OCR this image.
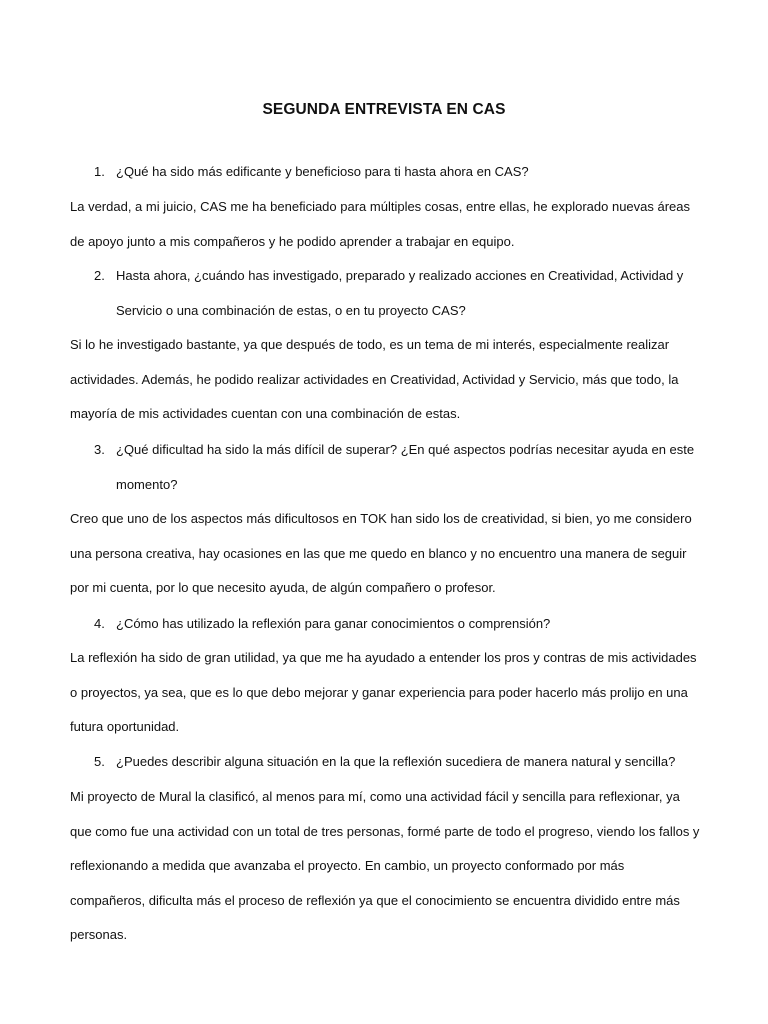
SEGUNDA ENTREVISTA EN CAS
1. ¿Qué ha sido más edificante y beneficioso para ti hasta ahora en CAS?
La verdad, a mi juicio, CAS me ha beneficiado para múltiples cosas, entre ellas, he explorado nuevas áreas de apoyo junto a mis compañeros y he podido aprender a trabajar en equipo.
2. Hasta ahora, ¿cuándo has investigado, preparado y realizado acciones en Creatividad, Actividad y Servicio o una combinación de estas, o en tu proyecto CAS?
Si lo he investigado bastante, ya que después de todo, es un tema de mi interés, especialmente realizar actividades. Además, he podido realizar actividades en Creatividad, Actividad y Servicio, más que todo, la mayoría de mis actividades cuentan con una combinación de estas.
3. ¿Qué dificultad ha sido la más difícil de superar? ¿En qué aspectos podrías necesitar ayuda en este momento?
Creo que uno de los aspectos más dificultosos en TOK han sido los de creatividad, si bien, yo me considero una persona creativa, hay ocasiones en las que me quedo en blanco y no encuentro una manera de seguir por mi cuenta, por lo que necesito ayuda, de algún compañero o profesor.
4. ¿Cómo has utilizado la reflexión para ganar conocimientos o comprensión?
La reflexión ha sido de gran utilidad, ya que me ha ayudado a entender los pros y contras de mis actividades o proyectos, ya sea, que es lo que debo mejorar y ganar experiencia para poder hacerlo más prolijo en una futura oportunidad.
5. ¿Puedes describir alguna situación en la que la reflexión sucediera de manera natural y sencilla?
Mi proyecto de Mural la clasificó, al menos para mí, como una actividad fácil y sencilla para reflexionar, ya que como fue una actividad con un total de tres personas, formé parte de todo el progreso, viendo los fallos y reflexionando a medida que avanzaba el proyecto. En cambio, un proyecto conformado por más compañeros, dificulta más el proceso de reflexión ya que el conocimiento se encuentra dividido entre más personas.
